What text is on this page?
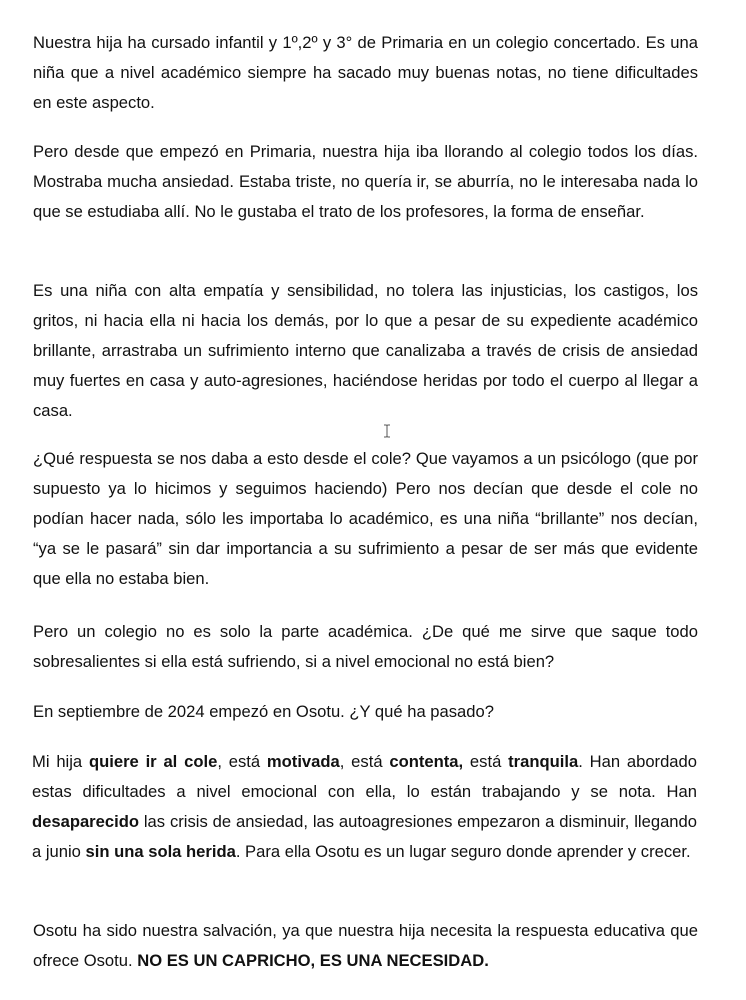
Nuestra hija ha cursado infantil y 1º,2º y 3° de Primaria en un colegio concertado. Es una niña que a nivel académico siempre ha sacado muy buenas notas, no tiene dificultades en este aspecto.

Pero desde que empezó en Primaria, nuestra hija iba llorando al colegio todos los días. Mostraba mucha ansiedad. Estaba triste, no quería ir, se aburría, no le interesaba nada lo que se estudiaba allí. No le gustaba el trato de los profesores, la forma de enseñar.

Es una niña con alta empatía y sensibilidad, no tolera las injusticias, los castigos, los gritos, ni hacia ella ni hacia los demás, por lo que a pesar de su expediente académico brillante, arrastraba un sufrimiento interno que canalizaba a través de crisis de ansiedad muy fuertes en casa y auto-agresiones, haciéndose heridas por todo el cuerpo al llegar a casa.

¿Qué respuesta se nos daba a esto desde el cole? Que vayamos a un psicólogo (que por supuesto ya lo hicimos y seguimos haciendo) Pero nos decían que desde el cole no podían hacer nada, sólo les importaba lo académico, es una niña “brillante” nos decían, “ya se le pasará” sin dar importancia a su sufrimiento a pesar de ser más que evidente que ella no estaba bien.

Pero un colegio no es solo la parte académica. ¿De qué me sirve que saque todo sobresalientes si ella está sufriendo, si a nivel emocional no está bien?

En septiembre de 2024 empezó en Osotu. ¿Y qué ha pasado?

Mi hija quiere ir al cole, está motivada, está contenta, está tranquila. Han abordado estas dificultades a nivel emocional con ella, lo están trabajando y se nota. Han desaparecido las crisis de ansiedad, las autoagresiones empezaron a disminuir, llegando a junio sin una sola herida. Para ella Osotu es un lugar seguro donde aprender y crecer.

Osotu ha sido nuestra salvación, ya que nuestra hija necesita la respuesta educativa que ofrece Osotu. NO ES UN CAPRICHO, ES UNA NECESIDAD.
